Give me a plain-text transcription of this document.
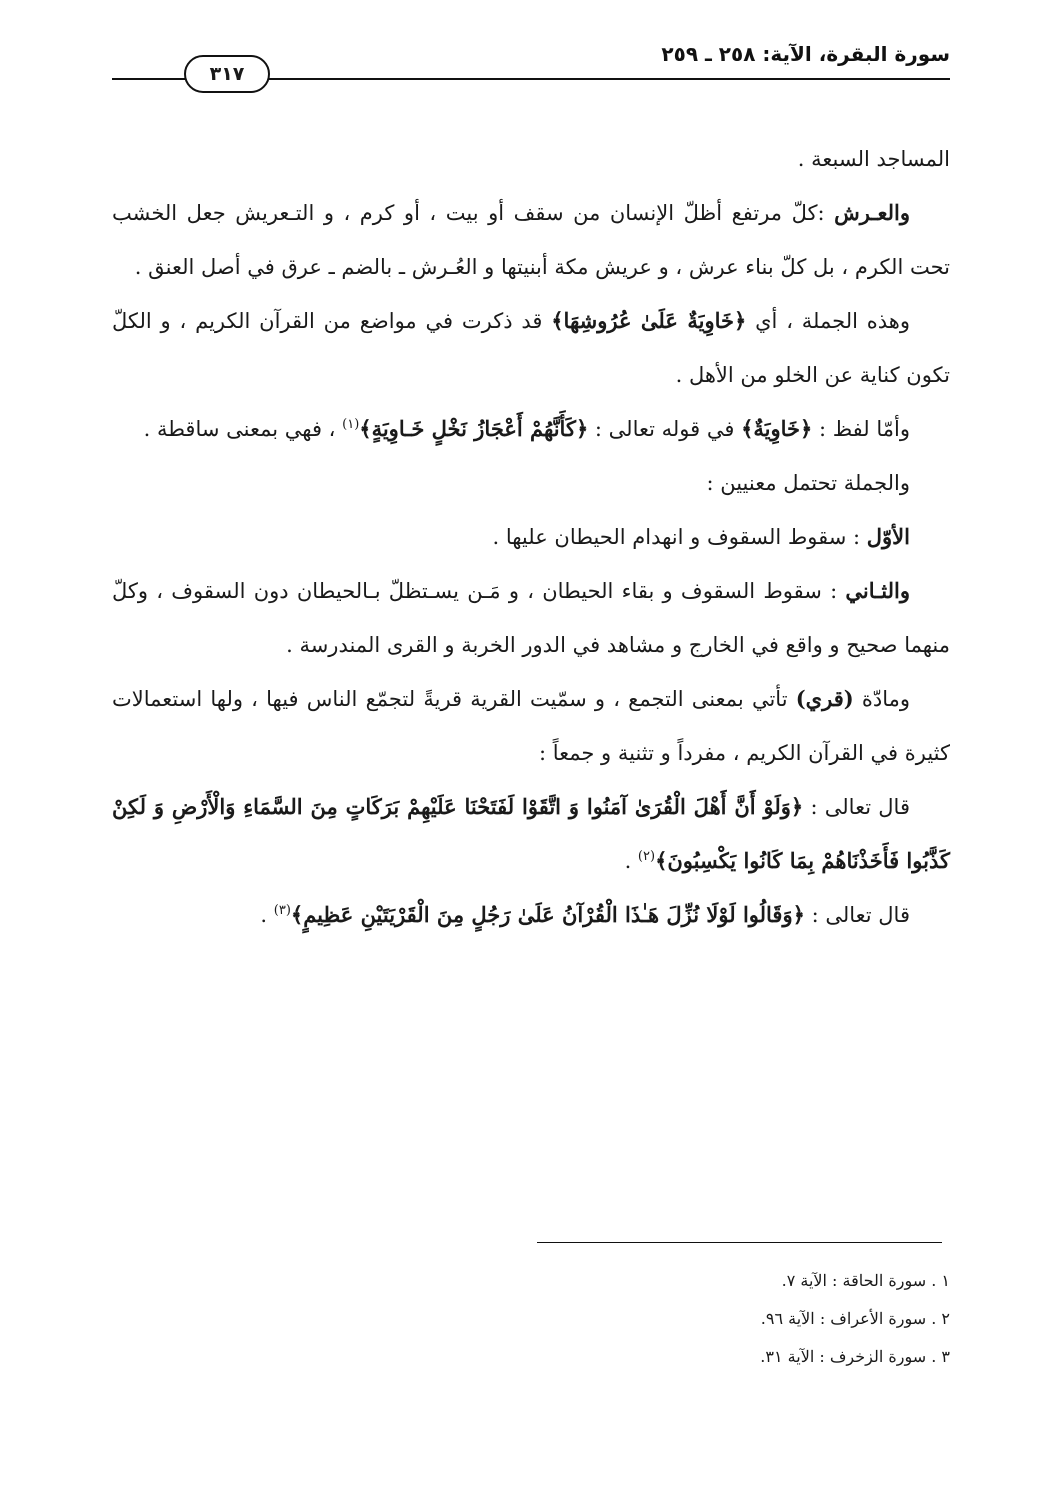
سورة البقرة، الآية: ٢٥٨ ـ ٢٥٩
٣١٧

المساجد السبعة .

والعـرش :كلّ مرتفع أظلّ الإنسان من سقف أو بيت ، أو كرم ، و التـعريش جعل الخشب تحت الكرم ، بل كلّ بناء عرش ، و عريش مكة أبنيتها و العُـرش ـ بالضم ـ عرق في أصل العنق .

وهذه الجملة ، أي ﴿خَاوِيَةٌ عَلَىٰ عُرُوشِهَا﴾ قد ذكرت في مواضع من القرآن الكريم ، و الكلّ تكون كناية عن الخلو من الأهل .

وأمّا لفظ : ﴿خَاوِيَةٌ﴾ في قوله تعالى : ﴿كَأَنَّهُمْ أَعْجَازُ نَخْلٍ خَـاوِيَةٍ﴾$^{(١)}$ ، فهي بمعنى ساقطة .

والجملة تحتمل معنيين :

الأوّل : سقوط السقوف و انهدام الحيطان عليها .

والثـاني : سقوط السقوف و بقاء الحيطان ، و مَـن يسـتظلّ بـالحيطان دون السقوف ، وكلّ منهما صحيح و واقع في الخارج و مشاهد في الدور الخربة و القرى المندرسة .

ومادّة (قري) تأتي بمعنى التجمع ، و سمّيت القرية قريةً لتجمّع الناس فيها ، ولها استعمالات كثيرة في القرآن الكريم ، مفرداً و تثنية و جمعاً :

قال تعالى : ﴿وَلَوْ أَنَّ أَهْلَ الْقُرَىٰ آمَنُوا وَ اتَّقَوْا لَفَتَحْنَا عَلَيْهِمْ بَرَكَاتٍ مِنَ السَّمَاءِ وَالْأَرْضِ وَ لَكِنْ كَذَّبُوا فَأَخَذْنَاهُمْ بِمَا كَانُوا يَكْسِبُونَ﴾$^{(٢)}$ .

قال تعالى : ﴿وَقَالُوا لَوْلَا نُزِّلَ هَـٰذَا الْقُرْآنُ عَلَىٰ رَجُلٍ مِنَ الْقَرْيَتَيْنِ عَظِيمٍ﴾$^{(٣)}$ .

١ . سورة الحاقة : الآية ٧.
٢ . سورة الأعراف : الآية ٩٦.
٣ . سورة الزخرف : الآية ٣١.
